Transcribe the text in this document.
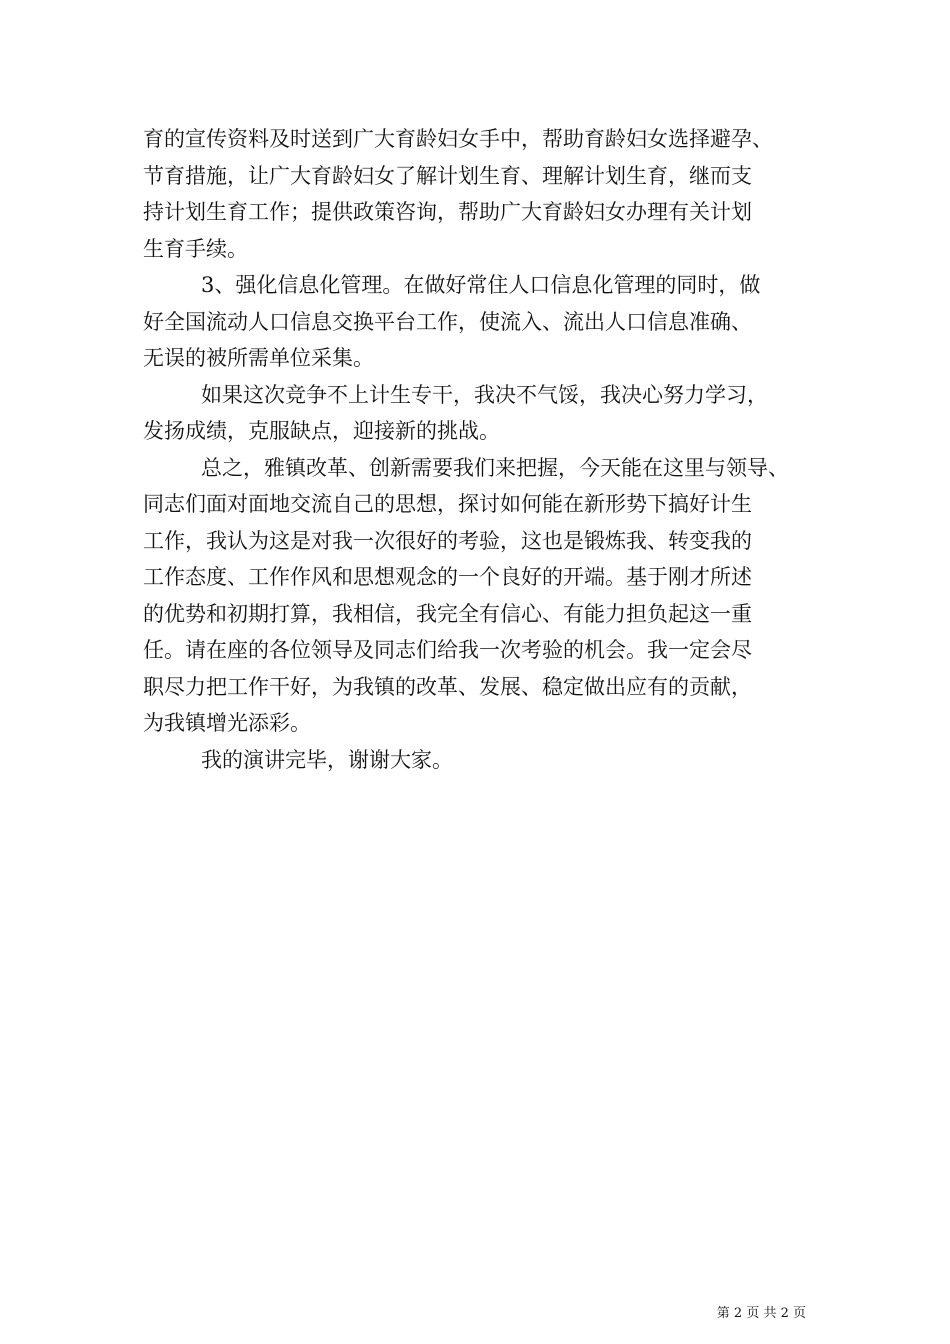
育的宣传资料及时送到广大育龄妇女手中，帮助育龄妇女选择避孕、
节育措施，让广大育龄妇女了解计划生育、理解计划生育，继而支
持计划生育工作；提供政策咨询，帮助广大育龄妇女办理有关计划
生育手续。
3、强化信息化管理。在做好常住人口信息化管理的同时，做
好全国流动人口信息交换平台工作，使流入、流出人口信息准确、
无误的被所需单位采集。
如果这次竞争不上计生专干，我决不气馁，我决心努力学习，
发扬成绩，克服缺点，迎接新的挑战。
总之，雅镇改革、创新需要我们来把握，今天能在这里与领导、
同志们面对面地交流自己的思想，探讨如何能在新形势下搞好计生
工作，我认为这是对我一次很好的考验，这也是锻炼我、转变我的
工作态度、工作作风和思想观念的一个良好的开端。基于刚才所述
的优势和初期打算，我相信，我完全有信心、有能力担负起这一重
任。请在座的各位领导及同志们给我一次考验的机会。我一定会尽
职尽力把工作干好，为我镇的改革、发展、稳定做出应有的贡献，
为我镇增光添彩。
我的演讲完毕，谢谢大家。
第 2 页 共 2 页
